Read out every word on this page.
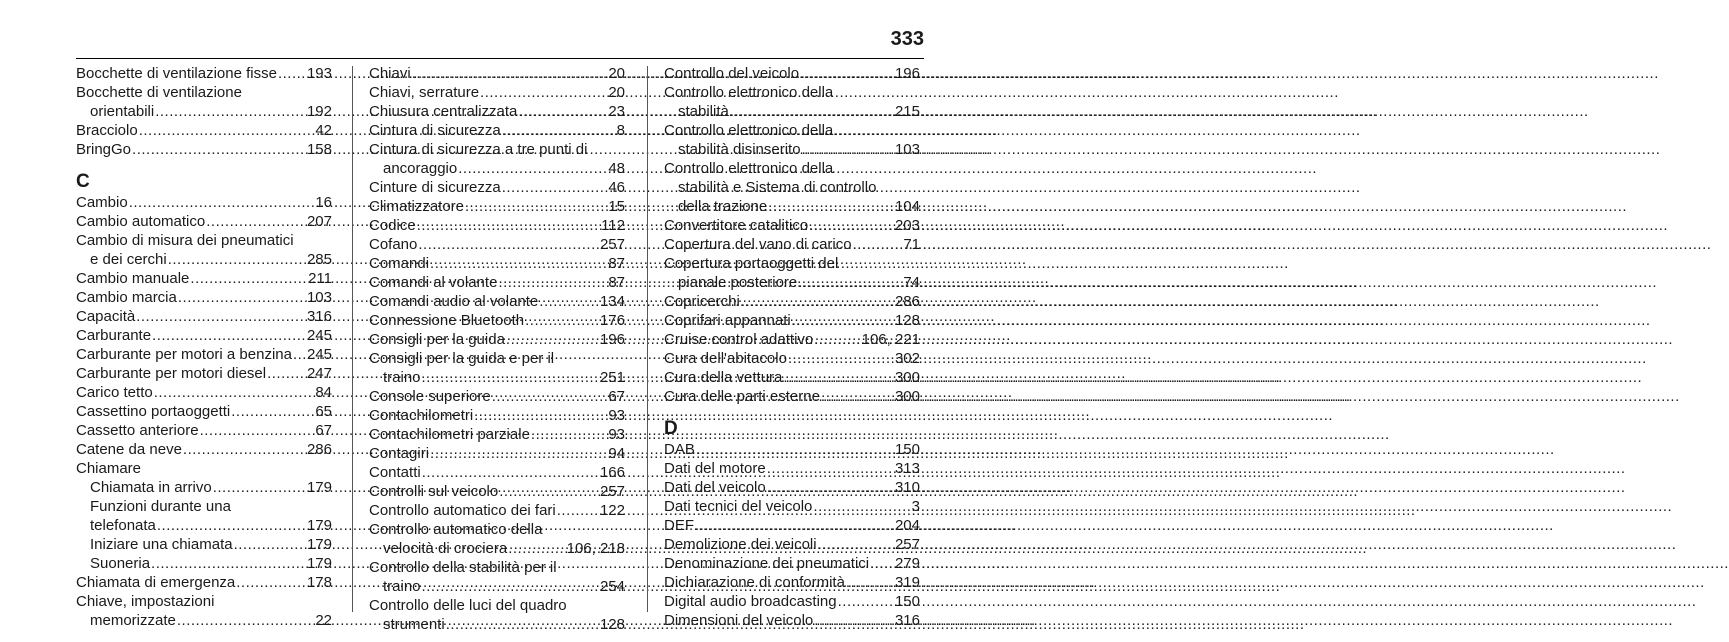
333
Bocchette di ventilazione fisse ..... 193
Bocchette di ventilazione
orientabili .....	192
Bracciolo .....	42
BringGo .....	158
C
Cambio .....	16
Cambio automatico .....	207
Cambio di misura dei pneumatici
e dei cerchi .....	285
Cambio manuale .....	211
Cambio marcia .....	103
Capacità .....	316
Carburante .....	245
Carburante per motori a benzina ..... 245
Carburante per motori diesel .....	247
Carico tetto .....	84
Cassettino portaoggetti .....	65
Cassetto anteriore .....	67
Catene da neve .....	286
Chiamare
Chiamata in arrivo .....	179
Funzioni durante una
telefonata .....	179
Iniziare una chiamata .....	179
Suoneria .....	179
Chiamata di emergenza .....	178
Chiave, impostazioni
memorizzate .....	22
Chiavi .....	20
Chiavi, serrature .....	20
Chiusura centralizzata .....	23
Cintura di sicurezza .....	8
Cintura di sicurezza a tre punti di
ancoraggio .....	48
Cinture di sicurezza .....	46
Climatizzatore .....	15
Codice .....	112
Cofano .....	257
Comandi .....	87
Comandi al volante .....	87
Comandi audio al volante .....	134
Connessione Bluetooth .....	176
Consigli per la guida .....	196
Consigli per la guida e per il
traino .....	251
Console superiore .....	67
Contachilometri .....	93
Contachilometri parziale .....	93
Contagiri .....	94
Contatti .....	166
Controlli sul veicolo .....	257
Controllo automatico dei fari .....	122
Controllo automatico della
velocità di crociera .....	106, 218
Controllo della stabilità per il
traino .....	254
Controllo delle luci del quadro
strumenti .....	128
Controllo del veicolo .....	196
Controllo elettronico della
stabilità .....	215
Controllo elettronico della
stabilità disinserito .....	103
Controllo elettronico della
stabilità e Sistema di controllo
della trazione .....	104
Convertitore catalitico .....	203
Copertura del vano di carico .....	71
Copertura portaoggetti del
pianale posteriore .....	74
Copricerchi .....	286
Coprifari appannati .....	128
Cruise control adattivo .....	106, 221
Cura dell'abitacolo .....	302
Cura della vettura .....	300
Cura delle parti esterne .....	300
D
DAB .....	150
Dati del motore .....	313
Dati del veicolo .....	310
Dati tecnici del veicolo .....	3
DEF .....	204
Demolizione dei veicoli .....	257
Denominazione dei pneumatici ..... 279
Dichiarazione di conformità .....	319
Digital audio broadcasting .....	150
Dimensioni del veicolo .....	316
